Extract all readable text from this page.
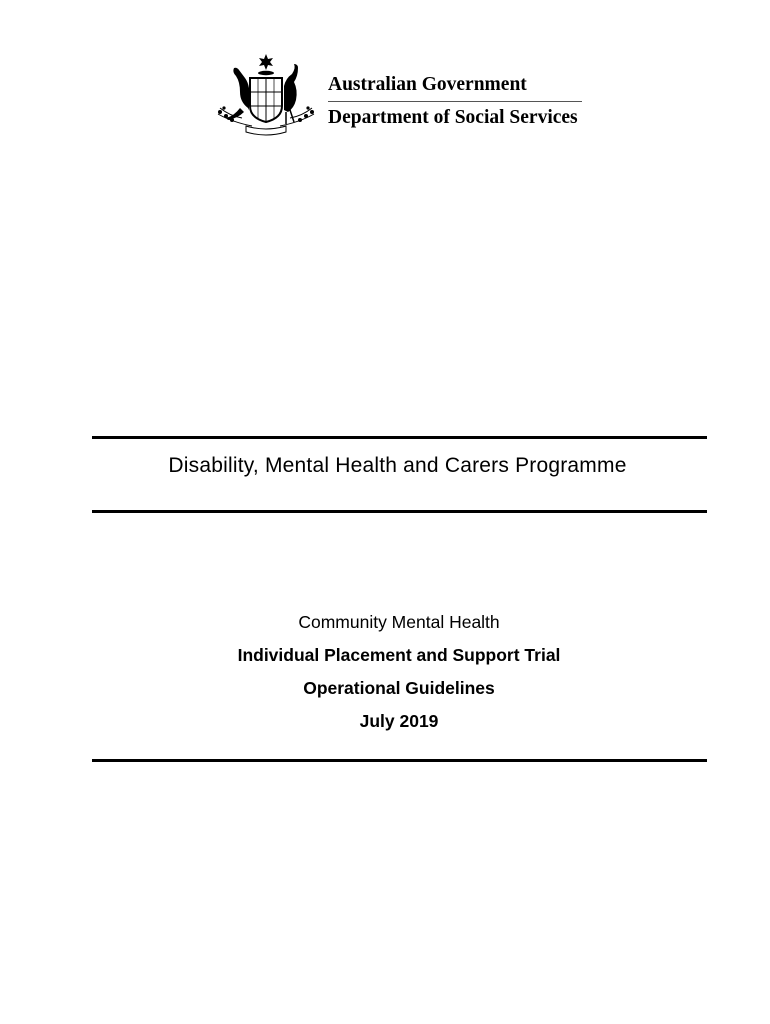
Australian Government
Department of Social Services
Disability, Mental Health and Carers Programme
Community Mental Health
Individual Placement and Support Trial
Operational Guidelines
July 2019
